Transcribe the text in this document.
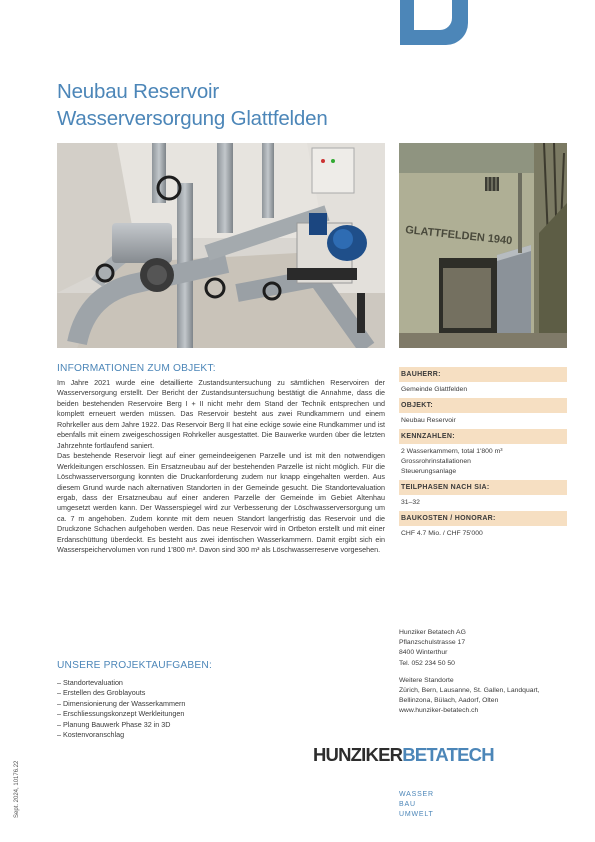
Neubau Reservoir
Wasserversorgung Glattfelden
GLATTFELDEN 1940
INFORMATIONEN ZUM OBJEKT:

Im Jahre 2021 wurde eine detaillierte Zustandsuntersuchung zu sämtlichen Reservoiren der Wasserversorgung erstellt. Der Bericht der Zustandsuntersuchung bestätigt die Annahme, dass die beiden bestehenden Reservoire Berg I + II nicht mehr dem Stand der Technik entsprechen und komplett erneuert werden müssen. Das Reservoir besteht aus zwei Rundkammern und einem Rohrkeller aus dem Jahre 1922. Das Reservoir Berg II hat eine eckige sowie eine Rundkammer und ist ebenfalls mit einem zweigeschossigen Rohrkeller ausgestattet. Die Bauwerke wurden über die letzten Jahrzehnte fortlaufend saniert.

Das bestehende Reservoir liegt auf einer gemeindeeigenen Parzelle und ist mit den notwendigen Werkleitungen erschlossen. Ein Ersatzneubau auf der bestehenden Parzelle ist nicht möglich. Für die Löschwasserversorgung konnten die Druckanforderung zudem nur knapp eingehalten werden. Aus diesem Grund wurde nach alternativen Standorten in der Gemeinde gesucht. Die Standortevaluation ergab, dass der Ersatzneubau auf einer anderen Parzelle der Gemeinde im Gebiet Altenhau umgesetzt werden kann. Der Wasserspiegel wird zur Verbesserung der Löschwasserversorgung um ca. 7 m angehoben. Zudem konnte mit dem neuen Standort langerfristig das Reservoir und die Druckzone Schachen aufgehoben werden. Das neue Reservoir wird in Ortbeton erstellt und mit einer Erdanschüttung überdeckt. Es besteht aus zwei identischen Wasserkammern. Damit ergibt sich ein Wasserspeichervolumen von rund 1'800 m³. Davon sind 300 m³ als Löschwasserreserve vorgesehen.

UNSERE PROJEKTAUFGABEN:
– Standortevaluation
– Erstellen des Groblayouts
– Dimensionierung der Wasserkammern
– Erschliessungskonzept Werkleitungen
– Planung Bauwerk Phase 32 in 3D
– Kostenvoranschlag
BAUHERR:
Gemeinde Glattfelden
OBJEKT:
Neubau Reservoir
KENNZAHLEN:
2 Wasserkammern, total 1'800 m³
Grossrohrinstallationen
Steuerungsanlage
TEILPHASEN NACH SIA:
31–32
BAUKOSTEN / HONORAR:
CHF 4.7 Mio. / CHF 75'000
Hunziker Betatech AG
Pflanzschulstrasse 17
8400 Winterthur
Tel. 052 234 50 50
Weitere Standorte
Zürich, Bern, Lausanne, St. Gallen, Landquart,
Bellinzona, Bülach, Aadorf, Olten
www.hunziker-betatech.ch
HUNZIKERBETATECH
WASSER
BAU
UMWELT
Sept. 2024, 10176.22
